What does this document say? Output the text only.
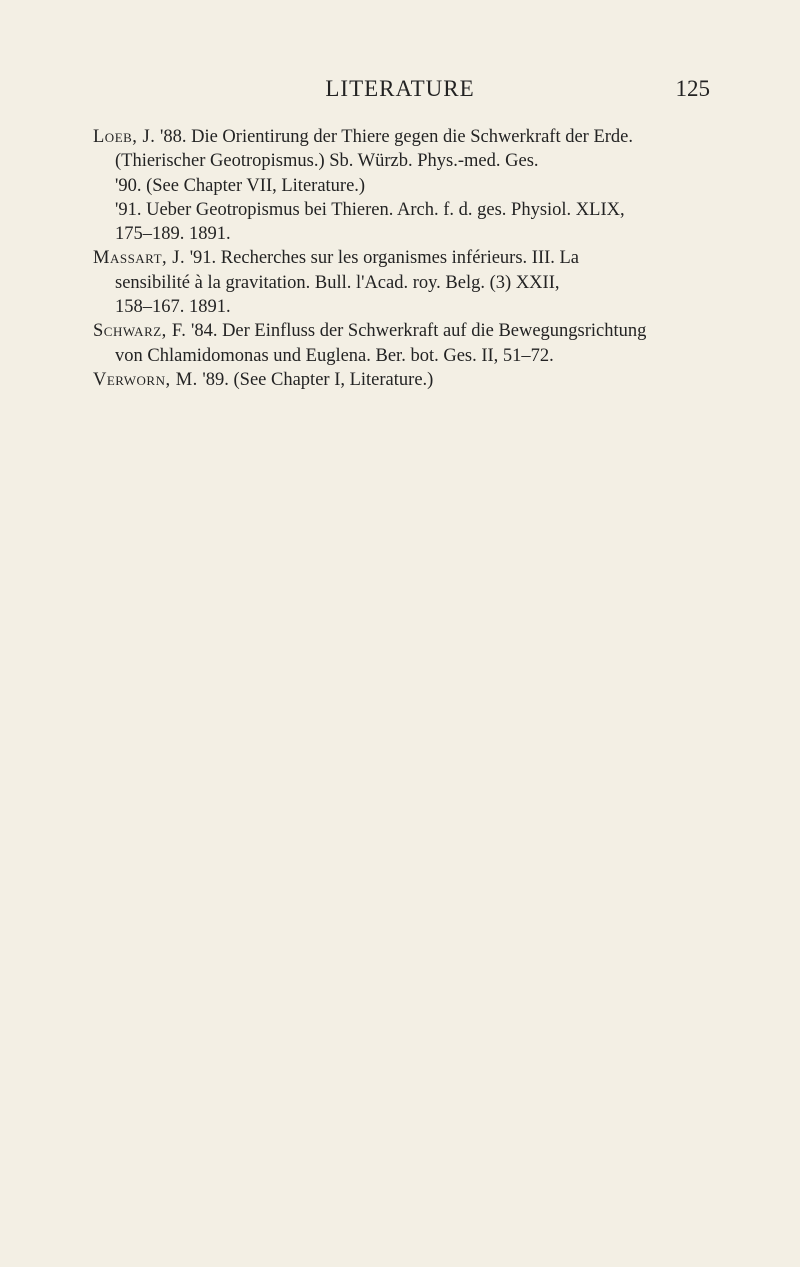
LITERATURE	125
Loeb, J. '88. Die Orientirung der Thiere gegen die Schwerkraft der Erde.
(Thierischer Geotropismus.) Sb. Würzb. Phys.-med. Ges.
'90. (See Chapter VII, Literature.)
'91. Ueber Geotropismus bei Thieren. Arch. f. d. ges. Physiol. XLIX,
175–189. 1891.
Massart, J. '91. Recherches sur les organismes inférieurs. III. La
sensibilité à la gravitation. Bull. l'Acad. roy. Belg. (3) XXII,
158–167. 1891.
Schwarz, F. '84. Der Einfluss der Schwerkraft auf die Bewegungsrichtung
von Chlamidomonas und Euglena. Ber. bot. Ges. II, 51–72.
Verworn, M. '89. (See Chapter I, Literature.)
